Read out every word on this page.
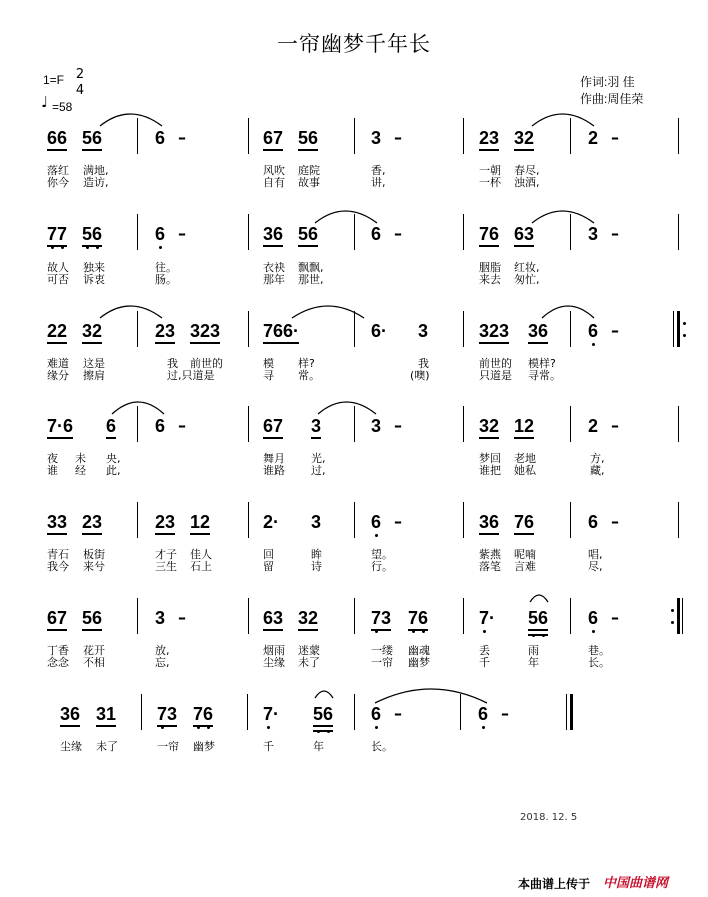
一帘幽梦千年长
1=F 2
4
♩ =58
作词:羽 佳
作曲:周佳荣
66 56	6 –	67 56	3 –	23 32	2 –
落红 满地,	风吹 庭院	香,	一朝 春尽,
你今 造访,	自有 故事	讲,	一杯 浊酒,
77 56	6 –	36 56	6 –	76 63	3 –
故人 独来	往。	衣袂 飘飘,	胭脂 红妆,
可否 诉衷	肠。	那年 那世,	来去 匆忙,
22 32	23 323 766·	6· 3	323 36 6 –
难道 这是	我 前世的	模 样?	我	前世的 模样?
缘分 擦肩	过,只道是	寻 常。	(噢)	只道是 寻常。
7·6 6 6 –	67 3	3 –	32 12	2 –
夜 未 央,	舞月 光,	梦回 老地	方,
谁 经 此,	谁路 过,	谁把 她私	藏,
33 23	23 12	2· 3	6 –	36 76	6 –
青石 板街	才子 佳人	回	眸	望。	紫燕 呢喃	唱,
我今 来兮	三生 石上	留	诗	行。	落笔 言难	尽,
67 56	3 –	63 32	73 76	7· 56 6 –
丁香 花开	放,	烟雨 迷蒙	一缕 幽魂	丢	雨	巷。
念念 不相	忘,	尘缘 未了	一帘 幽梦	千	年	长。
36 31 73 76	7· 56 6 –	6 –
尘缘 未了	一帘 幽梦	千	年	长。
2018. 12. 5
本曲谱上传于 中国曲谱网
